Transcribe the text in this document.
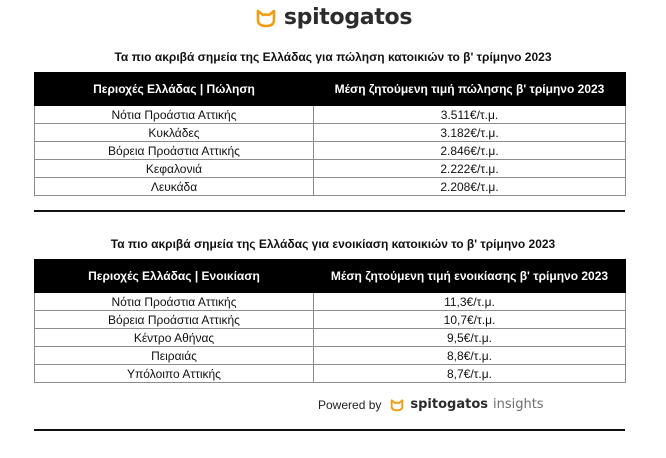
spitogatos
Τα πιο ακριβά σημεία της Ελλάδας για πώληση κατοικιών το β' τρίμηνο 2023
Περιοχές Ελλάδας | Πώληση	Μέση ζητούμενη τιμή πώλησης β' τρίμηνο 2023
Νότια Προάστια Αττικής	3.511€/τ.μ.
Κυκλάδες	3.182€/τ.μ.
Βόρεια Προάστια Αττικής	2.846€/τ.μ.
Κεφαλονιά	2.222€/τ.μ.
Λευκάδα	2.208€/τ.μ.
Τα πιο ακριβά σημεία της Ελλάδας για ενοικίαση κατοικιών το β' τρίμηνο 2023
Περιοχές Ελλάδας | Ενοικίαση	Μέση ζητούμενη τιμή ενοικίασης β' τρίμηνο 2023
Νότια Προάστια Αττικής	11,3€/τ.μ.
Βόρεια Προάστια Αττικής	10,7€/τ.μ.
Κέντρο Αθήνας	9,5€/τ.μ.
Πειραιάς	8,8€/τ.μ.
Υπόλοιπο Αττικής	8,7€/τ.μ.
Powered by spitogatos insights
